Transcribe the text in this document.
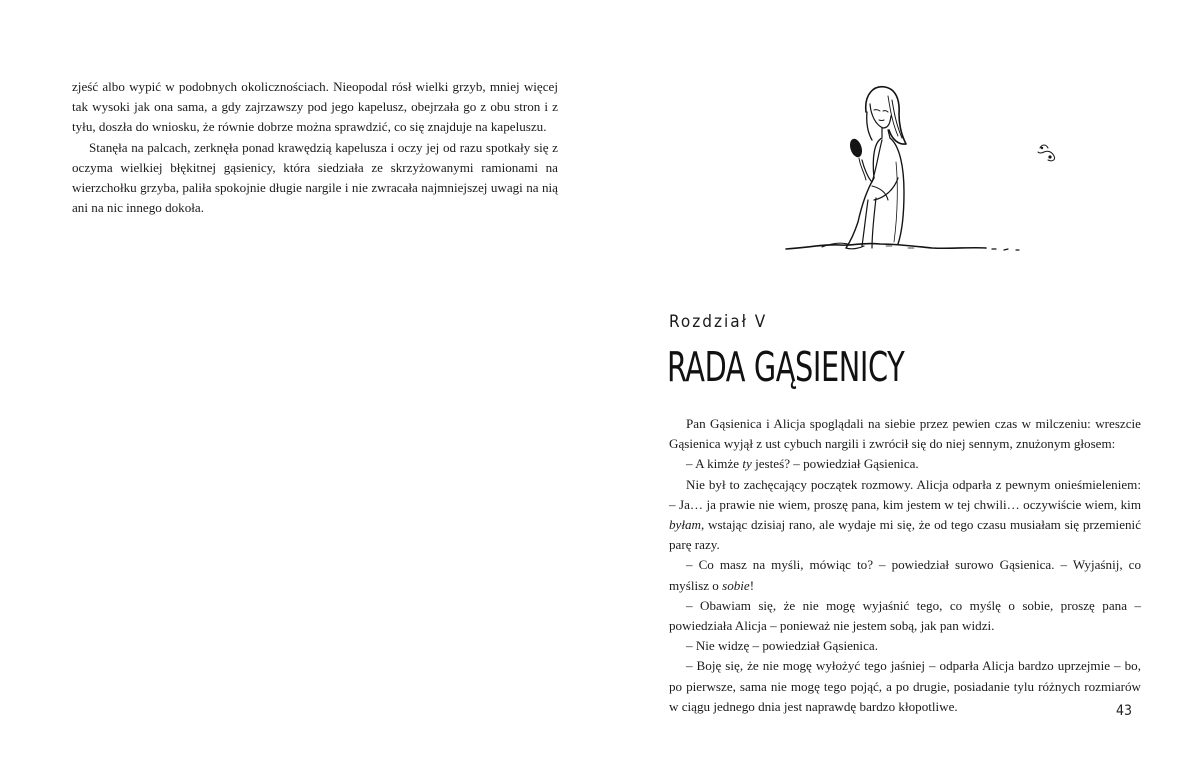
zjeść albo wypić w podobnych okolicznościach. Nieopodal rósł wielki grzyb, mniej więcej tak wysoki jak ona sama, a gdy zajrzawszy pod jego kapelusz, obejrzała go z obu stron i z tyłu, doszła do wniosku, że równie dobrze można sprawdzić, co się znajduje na kapeluszu.

Stanęła na palcach, zerknęła ponad krawędzią kapelusza i oczy jej od razu spotkały się z oczyma wielkiej błękitnej gąsienicy, która siedziała ze skrzyżowanymi ramionami na wierzchołku grzyba, paliła spokojnie długie nargile i nie zwracała najmniejszej uwagi na nią ani na nic innego dokoła.

Rozdział V
RADA GĄSIENICY

Pan Gąsienica i Alicja spoglądali na siebie przez pewien czas w milczeniu: wreszcie Gąsienica wyjął z ust cybuch nargili i zwrócił się do niej sennym, znużonym głosem:

– A kimże ty jesteś? – powiedział Gąsienica.

Nie był to zachęcający początek rozmowy. Alicja odparła z pewnym onieśmieleniem: – Ja… ja prawie nie wiem, proszę pana, kim jestem w tej chwili… oczywiście wiem, kim byłam, wstając dzisiaj rano, ale wydaje mi się, że od tego czasu musiałam się przemienić parę razy.

– Co masz na myśli, mówiąc to? – powiedział surowo Gąsienica. – Wyjaśnij, co myślisz o sobie!

– Obawiam się, że nie mogę wyjaśnić tego, co myślę o sobie, proszę pana – powiedziała Alicja – ponieważ nie jestem sobą, jak pan widzi.

– Nie widzę – powiedział Gąsienica.

– Boję się, że nie mogę wyłożyć tego jaśniej – odparła Alicja bardzo uprzejmie – bo, po pierwsze, sama nie mogę tego pojąć, a po drugie, posiadanie tylu różnych rozmiarów w ciągu jednego dnia jest naprawdę bardzo kłopotliwe.	43
